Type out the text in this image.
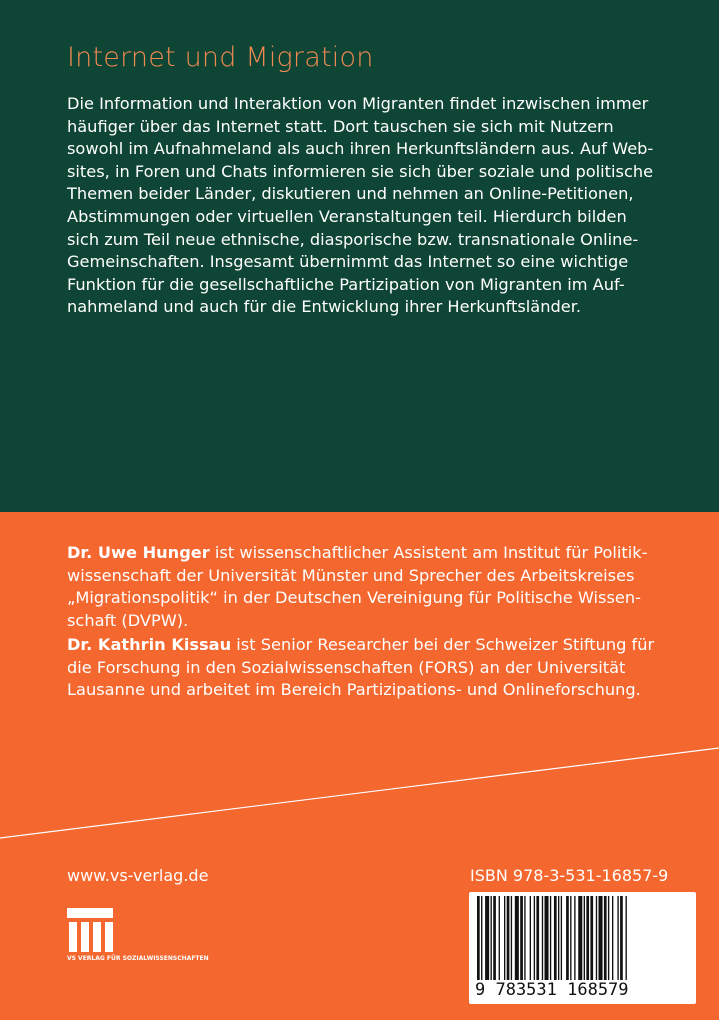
Internet und Migration

Die Information und Interaktion von Migranten findet inzwischen immer
häufiger über das Internet statt. Dort tauschen sie sich mit Nutzern
sowohl im Aufnahmeland als auch ihren Herkunftsländern aus. Auf Web-
sites, in Foren und Chats informieren sie sich über soziale und politische
Themen beider Länder, diskutieren und nehmen an Online-Petitionen,
Abstimmungen oder virtuellen Veranstaltungen teil. Hierdurch bilden
sich zum Teil neue ethnische, diasporische bzw. transnationale Online-
Gemeinschaften. Insgesamt übernimmt das Internet so eine wichtige
Funktion für die gesellschaftliche Partizipation von Migranten im Auf-
nahmeland und auch für die Entwicklung ihrer Herkunftsländer.

Dr. Uwe Hunger ist wissenschaftlicher Assistent am Institut für Politik-
wissenschaft der Universität Münster und Sprecher des Arbeitskreises
„Migrationspolitik“ in der Deutschen Vereinigung für Politische Wissen-
schaft (DVPW).

Dr. Kathrin Kissau ist Senior Researcher bei der Schweizer Stiftung für
die Forschung in den Sozialwissenschaften (FORS) an der Universität
Lausanne und arbeitet im Bereich Partizipations- und Onlineforschung.

www.vs-verlag.de	ISBN 978-3-531-16857-9
VS VERLAG FÜR SOZIALWISSENSCHAFTEN
9 783531 168579
